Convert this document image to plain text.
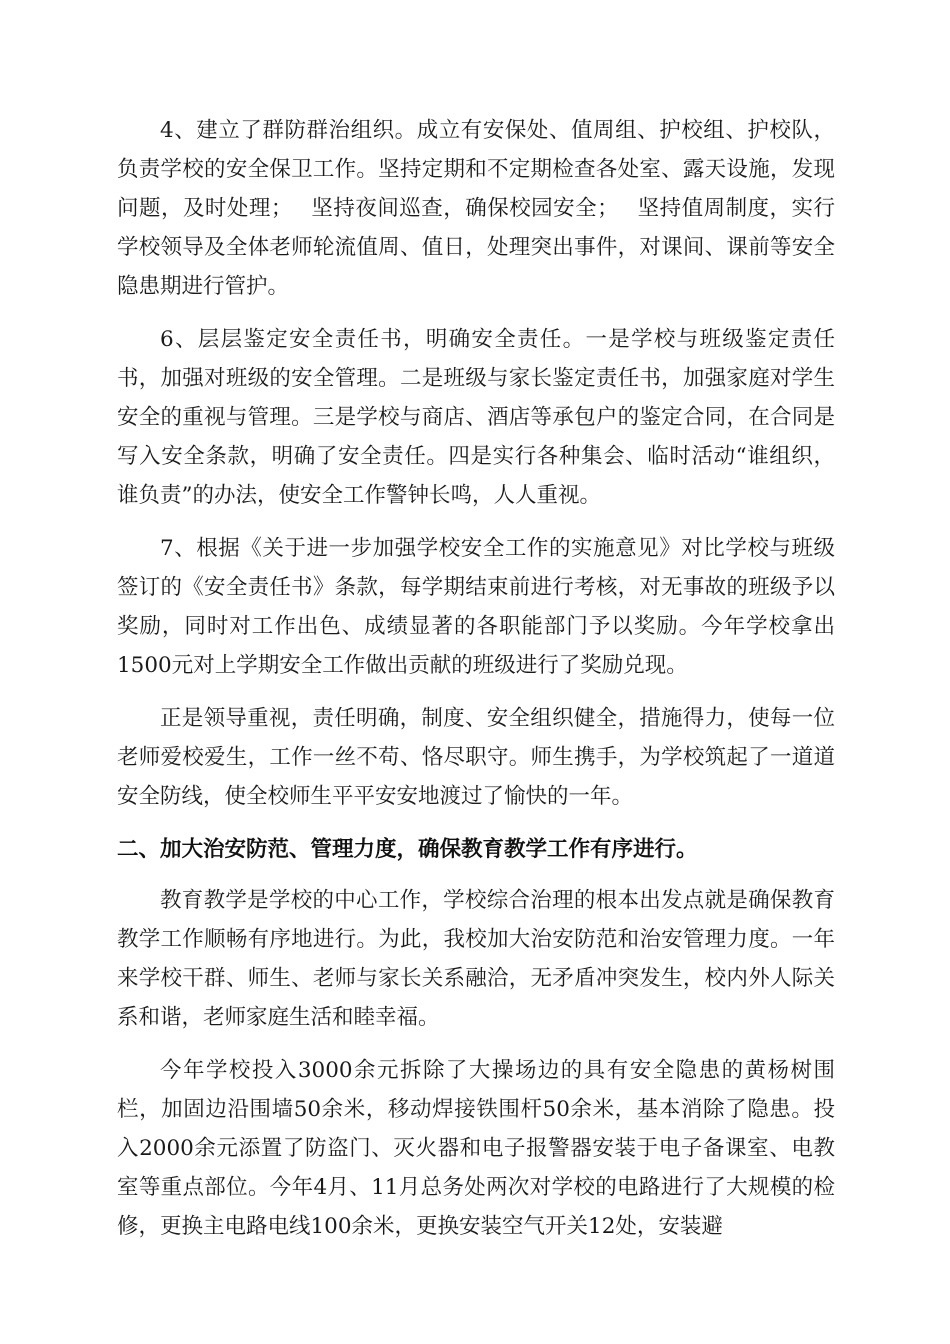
4、建立了群防群治组织。成立有安保处、值周组、护校组、护校队，负责学校的安全保卫工作。坚持定期和不定期检查各处室、露天设施，发现问题，及时处理；　 坚持夜间巡查，确保校园安全；　 坚持值周制度，实行学校领导及全体老师轮流值周、值日，处理突出事件，对课间、课前等安全隐患期进行管护。

6、层层鉴定安全责任书，明确安全责任。一是学校与班级鉴定责任书，加强对班级的安全管理。二是班级与家长鉴定责任书，加强家庭对学生安全的重视与管理。三是学校与商店、酒店等承包户的鉴定合同，在合同是写入安全条款，明确了安全责任。四是实行各种集会、临时活动“谁组织，谁负责”的办法，使安全工作警钟长鸣，人人重视。

7、根据《关于进一步加强学校安全工作的实施意见》对比学校与班级签订的《安全责任书》条款，每学期结束前进行考核，对无事故的班级予以奖励，同时对工作出色、成绩显著的各职能部门予以奖励。今年学校拿出1500元对上学期安全工作做出贡献的班级进行了奖励兑现。

正是领导重视，责任明确，制度、安全组织健全，措施得力，使每一位老师爱校爱生，工作一丝不苟、恪尽职守。师生携手，为学校筑起了一道道安全防线，使全校师生平平安安地渡过了愉快的一年。

二、加大治安防范、管理力度，确保教育教学工作有序进行。

教育教学是学校的中心工作，学校综合治理的根本出发点就是确保教育教学工作顺畅有序地进行。为此，我校加大治安防范和治安管理力度。一年来学校干群、师生、老师与家长关系融洽，无矛盾冲突发生，校内外人际关系和谐，老师家庭生活和睦幸福。

今年学校投入3000余元拆除了大操场边的具有安全隐患的黄杨树围栏，加固边沿围墙50余米，移动焊接铁围杆50余米，基本消除了隐患。投入2000余元添置了防盗门、灭火器和电子报警器安装于电子备课室、电教室等重点部位。今年4月、11月总务处两次对学校的电路进行了大规模的检修，更换主电路电线100余米，更换安装空气开关12处，安装避
